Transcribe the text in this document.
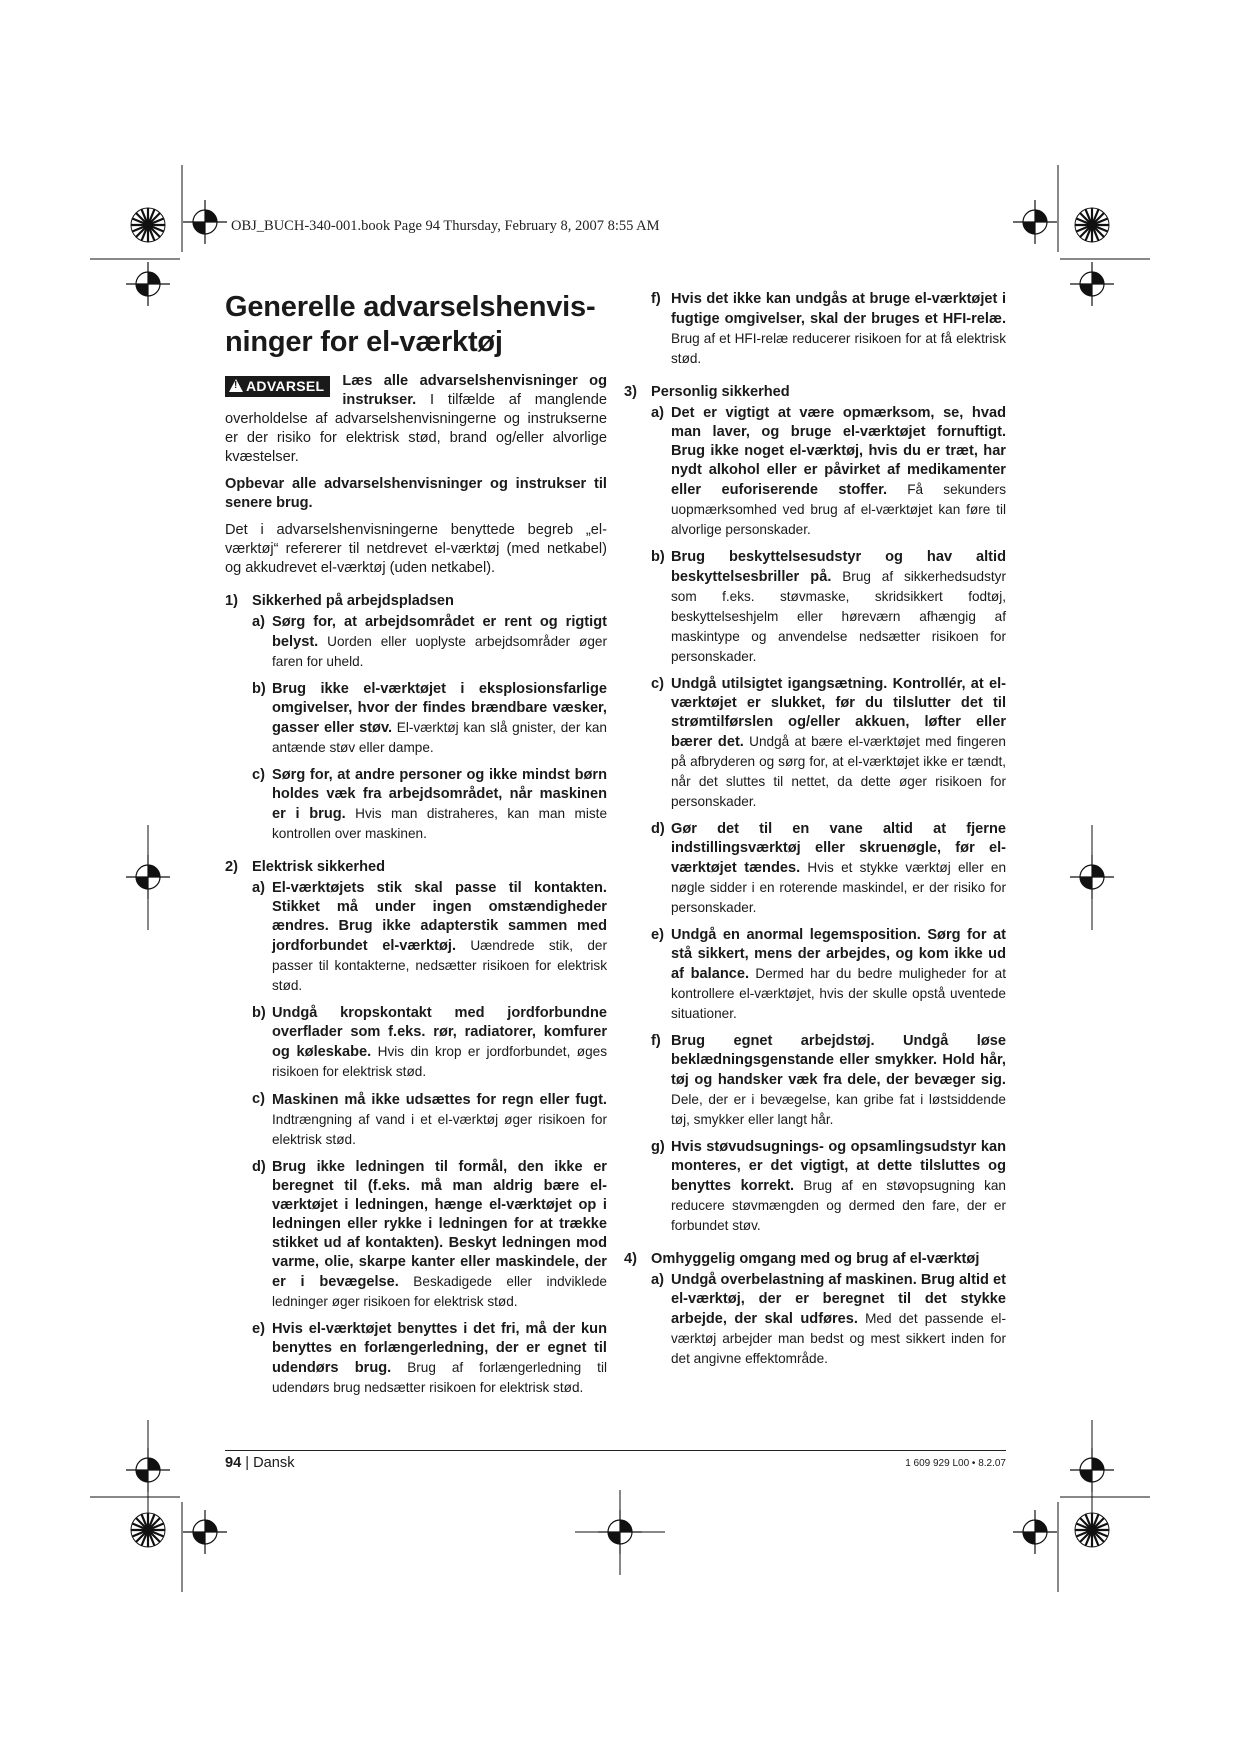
OBJ_BUCH-340-001.book Page 94 Thursday, February 8, 2007 8:55 AM
Generelle advarselshenvis-
ninger for el-værktøj
!ADVARSEL	Læs alle advarselshenvisninger og instrukser. I tilfælde af manglende overholdelse af advarselshenvisningerne og instrukserne er der risiko for elektrisk stød, brand og/eller alvorlige kvæstelser.

Opbevar alle advarselshenvisninger og instrukser til senere brug.

Det i advarselshenvisningerne benyttede begreb „el-værktøj“ refererer til netdrevet el-værktøj (med netkabel) og akkudrevet el-værktøj (uden netkabel).

1) Sikkerhed på arbejdspladsen
a) Sørg for, at arbejdsområdet er rent og rigtigt belyst. Uorden eller uoplyste arbejdsområder øger faren for uheld.
b) Brug ikke el-værktøjet i eksplosionsfarlige omgivelser, hvor der findes brændbare væsker, gasser eller støv. El-værktøj kan slå gnister, der kan antænde støv eller dampe.
c) Sørg for, at andre personer og ikke mindst børn holdes væk fra arbejdsområdet, når maskinen er i brug. Hvis man distraheres, kan man miste kontrollen over maskinen.
2) Elektrisk sikkerhed
a) El-værktøjets stik skal passe til kontakten. Stikket må under ingen omstændigheder ændres. Brug ikke adapterstik sammen med jordforbundet el-værktøj. Uændrede stik, der passer til kontakterne, nedsætter risikoen for elektrisk stød.
b) Undgå kropskontakt med jordforbundne overflader som f.eks. rør, radiatorer, komfurer og køleskabe. Hvis din krop er jordforbundet, øges risikoen for elektrisk stød.
c) Maskinen må ikke udsættes for regn eller fugt. Indtrængning af vand i et el-værktøj øger risikoen for elektrisk stød.
d) Brug ikke ledningen til formål, den ikke er beregnet til (f.eks. må man aldrig bære el-værktøjet i ledningen, hænge el-værktøjet op i ledningen eller rykke i ledningen for at trække stikket ud af kontakten). Beskyt ledningen mod varme, olie, skarpe kanter eller maskindele, der er i bevægelse. Beskadigede eller indviklede ledninger øger risikoen for elektrisk stød.
e) Hvis el-værktøjet benyttes i det fri, må der kun benyttes en forlængerledning, der er egnet til udendørs brug. Brug af forlængerledning til udendørs brug nedsætter risikoen for elektrisk stød.
f) Hvis det ikke kan undgås at bruge el-værktøjet i fugtige omgivelser, skal der bruges et HFI-relæ. Brug af et HFI-relæ reducerer risikoen for at få elektrisk stød.
3) Personlig sikkerhed
a) Det er vigtigt at være opmærksom, se, hvad man laver, og bruge el-værktøjet fornuftigt. Brug ikke noget el-værktøj, hvis du er træt, har nydt alkohol eller er påvirket af medikamenter eller euforiserende stoffer. Få sekunders uopmærksomhed ved brug af el-værktøjet kan føre til alvorlige personskader.
b) Brug beskyttelsesudstyr og hav altid beskyttelsesbriller på. Brug af sikkerhedsudstyr som f.eks. støvmaske, skridsikkert fodtøj, beskyttelseshjelm eller høreværn afhængig af maskintype og anvendelse nedsætter risikoen for personskader.
c) Undgå utilsigtet igangsætning. Kontrollér, at el-værktøjet er slukket, før du tilslutter det til strømtilførslen og/eller akkuen, løfter eller bærer det. Undgå at bære el-værktøjet med fingeren på afbryderen og sørg for, at el-værktøjet ikke er tændt, når det sluttes til nettet, da dette øger risikoen for personskader.
d) Gør det til en vane altid at fjerne indstillingsværktøj eller skruenøgle, før el-værktøjet tændes. Hvis et stykke værktøj eller en nøgle sidder i en roterende maskindel, er der risiko for personskader.
e) Undgå en anormal legemsposition. Sørg for at stå sikkert, mens der arbejdes, og kom ikke ud af balance. Dermed har du bedre muligheder for at kontrollere el-værktøjet, hvis der skulle opstå uventede situationer.
f) Brug egnet arbejdstøj. Undgå løse beklædningsgenstande eller smykker. Hold hår, tøj og handsker væk fra dele, der bevæger sig. Dele, der er i bevægelse, kan gribe fat i løstsiddende tøj, smykker eller langt hår.
g) Hvis støvudsugnings- og opsamlingsudstyr kan monteres, er det vigtigt, at dette tilsluttes og benyttes korrekt. Brug af en støvopsugning kan reducere støvmængden og dermed den fare, der er forbundet støv.
4) Omhyggelig omgang med og brug af el-værktøj
a) Undgå overbelastning af maskinen. Brug altid et el-værktøj, der er beregnet til det stykke arbejde, der skal udføres. Med det passende el-værktøj arbejder man bedst og mest sikkert inden for det angivne effektområde.
94 | Dansk	1 609 929 L00 • 8.2.07
